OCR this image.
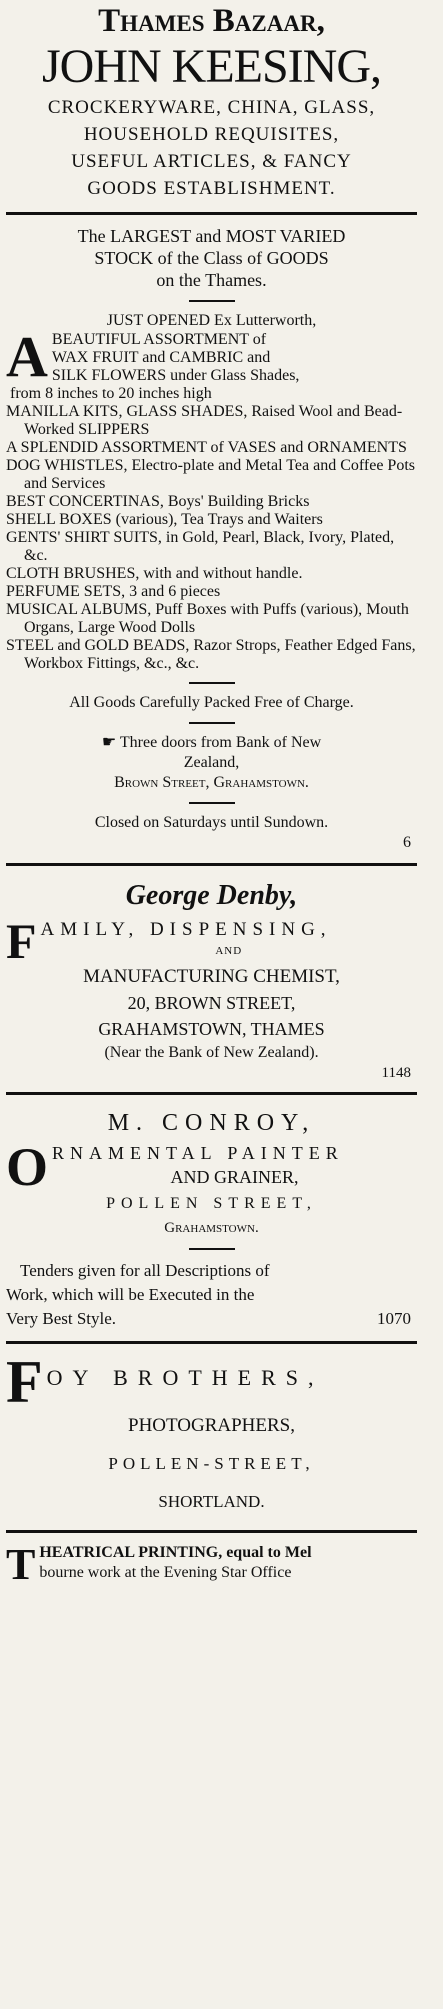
Thames Bazaar,
JOHN KEESING,
CROCKERYWARE, CHINA, GLASS,
HOUSEHOLD REQUISITES,
USEFUL ARTICLES, & FANCY
GOODS ESTABLISHMENT.
The LARGEST and MOST VARIED
STOCK of the Class of GOODS
on the Thames.
JUST OPENED Ex Lutterworth,
A BEAUTIFUL ASSORTMENT of
WAX FRUIT and CAMBRIC and
SILK FLOWERS under Glass Shades,
from 8 inches to 20 inches high
MANILLA KITS, GLASS SHADES, Raised Wool and Bead-Worked SLIPPERS
A SPLENDID ASSORTMENT of VASES and ORNAMENTS
DOG WHISTLES, Electro-plate and Metal Tea and Coffee Pots and Services
BEST CONCERTINAS, Boys' Building Bricks
SHELL BOXES (various), Tea Trays and Waiters
GENTS' SHIRT SUITS, in Gold, Pearl, Black, Ivory, Plated, &c.
CLOTH BRUSHES, with and without handle.
PERFUME SETS, 3 and 6 pieces
MUSICAL ALBUMS, Puff Boxes with Puffs (various), Mouth Organs, Large Wood Dolls
STEEL and GOLD BEADS, Razor Strops, Feather Edged Fans, Workbox Fittings, &c., &c.
All Goods Carefully Packed Free of Charge.
☛ Three doors from Bank of New
Zealand,
Brown Street, Grahamstown.
Closed on Saturdays until Sundown.
6
George Denby,
F AMILY, DISPENSING,
AND
MANUFACTURING CHEMIST,
20, BROWN STREET,
GRAHAMSTOWN, THAMES
(Near the Bank of New Zealand).
1148
M. CONROY,
O RNAMENTAL PAINTER
AND GRAINER,
POLLEN STREET,
Grahamstown.
Tenders given for all Descriptions of
Work, which will be Executed in the
Very Best Style.	1070
F OY BROTHERS,
PHOTOGRAPHERS,
POLLEN-STREET,
SHORTLAND.
T HEATRICAL PRINTING, equal to Mel
bourne work at the Evening Star Office
